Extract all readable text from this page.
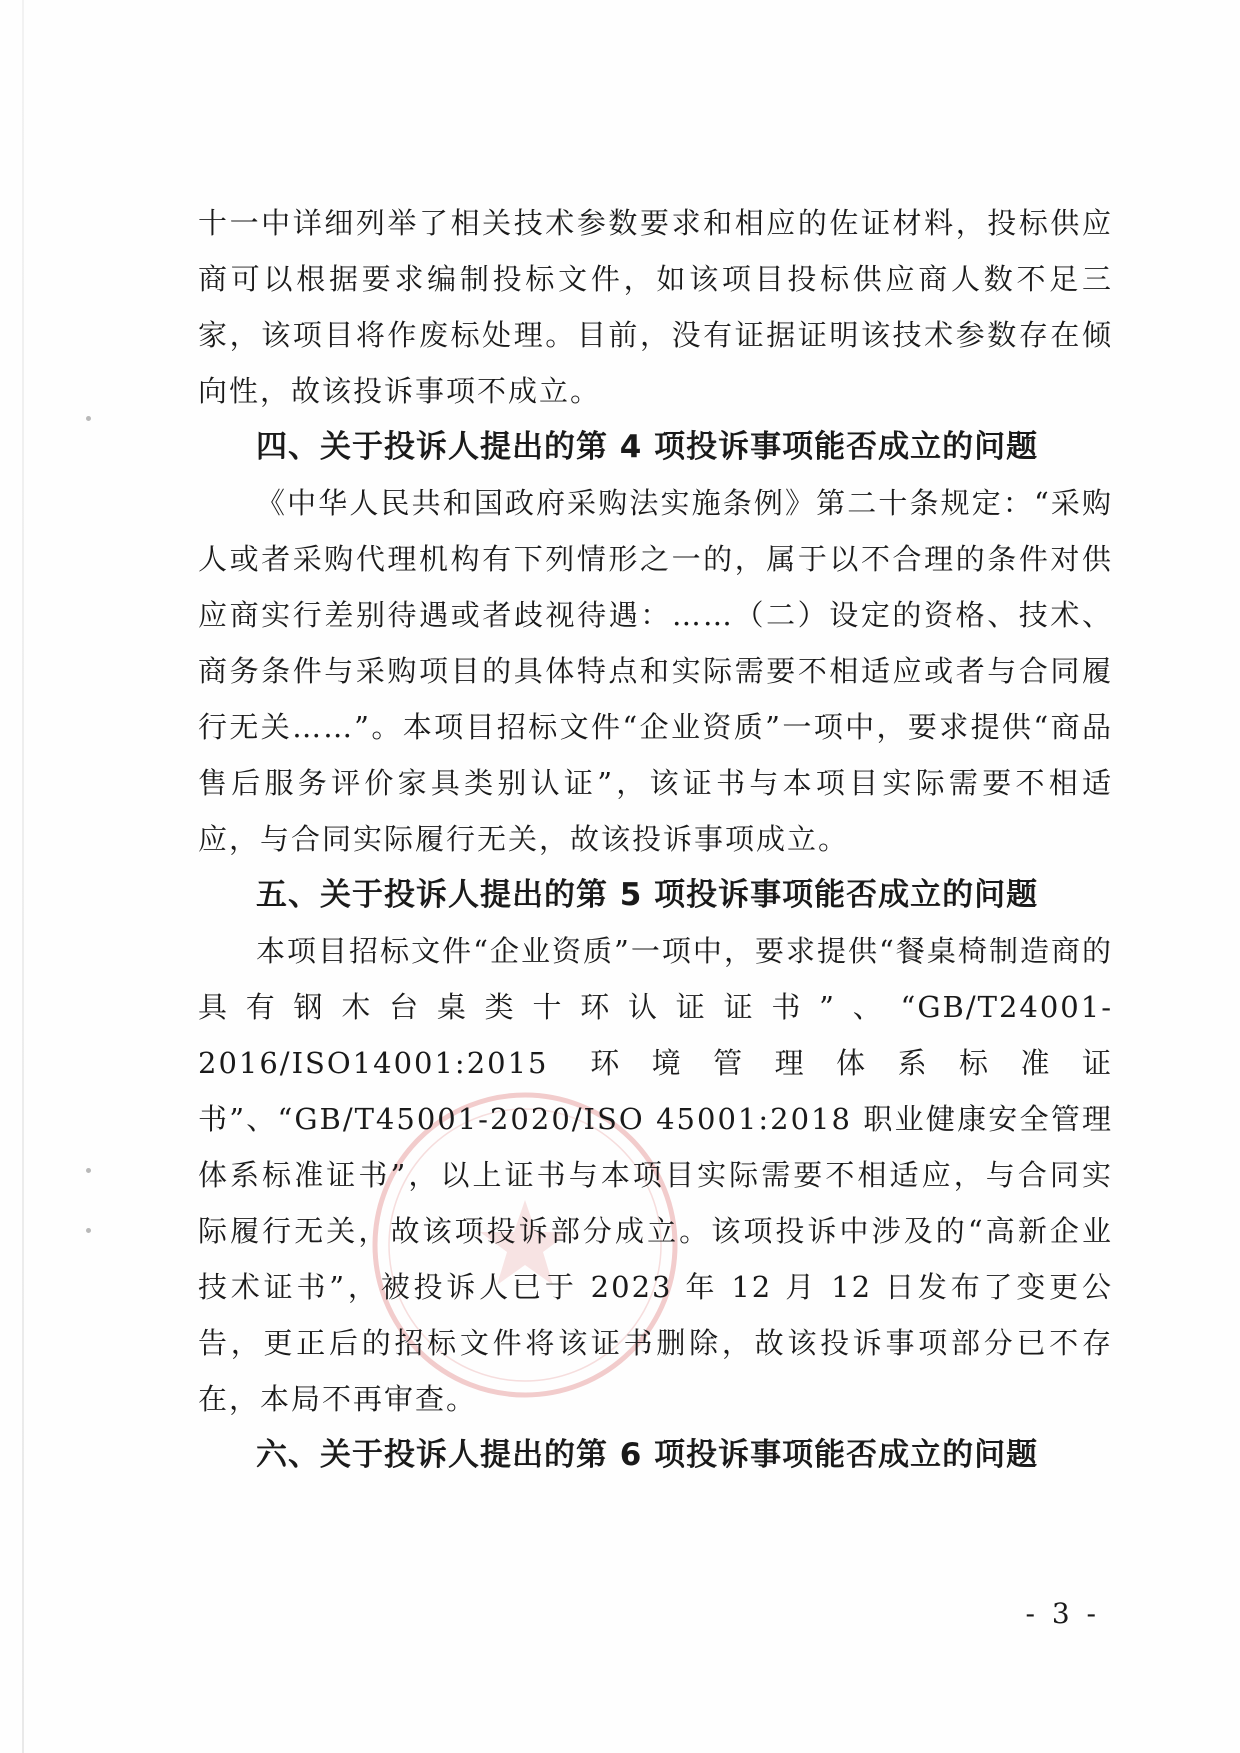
十一中详细列举了相关技术参数要求和相应的佐证材料，投标供应商可以根据要求编制投标文件，如该项目投标供应商人数不足三家，该项目将作废标处理。目前，没有证据证明该技术参数存在倾向性，故该投诉事项不成立。

四、关于投诉人提出的第 4 项投诉事项能否成立的问题

《中华人民共和国政府采购法实施条例》第二十条规定：“采购人或者采购代理机构有下列情形之一的，属于以不合理的条件对供应商实行差别待遇或者歧视待遇：……（二）设定的资格、技术、商务条件与采购项目的具体特点和实际需要不相适应或者与合同履行无关……”。本项目招标文件“企业资质”一项中，要求提供“商品售后服务评价家具类别认证”，该证书与本项目实际需要不相适应，与合同实际履行无关，故该投诉事项成立。

五、关于投诉人提出的第 5 项投诉事项能否成立的问题

本项目招标文件“企业资质”一项中，要求提供“餐桌椅制造商的具有钢木台桌类十环认证证书”、“GB/T24001-2016/ISO14001:2015 环境管理体系标准证书”、“GB/T45001-2020/ISO 45001:2018 职业健康安全管理体系标准证书”，以上证书与本项目实际需要不相适应，与合同实际履行无关，故该项投诉部分成立。该项投诉中涉及的“高新企业技术证书”，被投诉人已于 2023 年 12 月 12 日发布了变更公告，更正后的招标文件将该证书删除，故该投诉事项部分已不存在，本局不再审查。

六、关于投诉人提出的第 6 项投诉事项能否成立的问题
- 3 -
